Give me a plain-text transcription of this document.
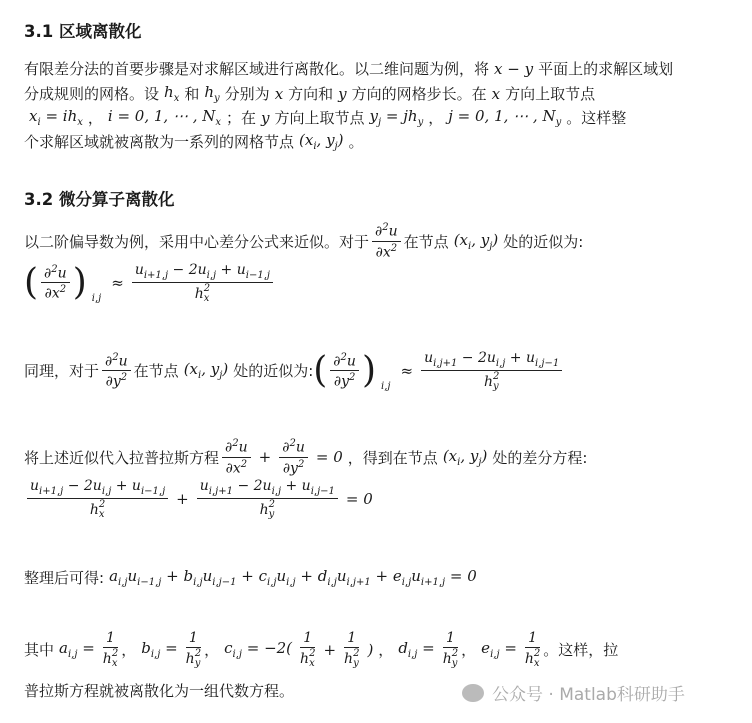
3.1 区域离散化
有限差分法的首要步骤是对求解区域进行离散化。以二维问题为例，将 x − y 平面上的求解区域划
分成规则的网格。设 $h_x$ 和 $h_y$ 分别为 x 方向和 y 方向的网格步长。在 x 方向上取节点
$x_i = ih_x$ ， i = 0, 1, ⋯ , $N_x$ ；在 y 方向上取节点 $y_j = jh_y$ ， j = 0, 1, ⋯ , $N_y$ 。这样整
个求解区域就被离散为一系列的网格节点 ($x_i$, $y_j$) 。
3.2 微分算子离散化
以二阶偏导数为例，采用中心差分公式来近似。对于 $\frac{\partial^2u}{\partial x^2}$ 在节点 ($x_i$, $y_j$) 处的近似为:
( $\frac{\partial^2u}{\partial x^2}$ ) i,j
≈ $u_{i+1,j} - 2u_{i,j} + u_{i-1,j}$
h 2
x
同理，对于 $\frac{\partial^2u}{\partial y^2}$ 在节点 ($x_i$, $y_j$) 处的近似为: ( $\frac{\partial^2u}{\partial y^2}$ ) i,j
≈ $u_{i,j+1} - 2u_{i,j} + u_{i,j-1}$
h 2
y
将上述近似代入拉普拉斯方程 $\frac{\partial^2u}{\partial x^2} + \frac{\partial^2u}{\partial y^2} = 0$ ，得到在节点 ($x_i$, $y_j$) 处的差分方程:
$u_{i+1,j} - 2u_{i,j} + u_{i-1,j}$
h 2
$x + u_{i,j+1} - 2u_{i,j} + u_{i,j-1}$
h 2
y = 0
整理后可得: $a_{i,j}u_{i-1,j} + b_{i,j}u_{i,j-1} + c_{i,j}u_{i,j} + d_{i,j}u_{i,j+1} + e_{i,j}u_{i+1,j} = 0$
其中 $a_{i,j} = 1$
h 2
x ， $b_{i,j} = 1$
h 2
y ， $c_{i,j} = -2$( 1
h 2
x + 1
h 2
y ) ， $d_{i,j} = 1$
h 2
y ， $e_{i,j} = 1$
h 2
x 。这样，拉
普拉斯方程就被离散化为一组代数方程。	公众号 · Matlab科研助手
